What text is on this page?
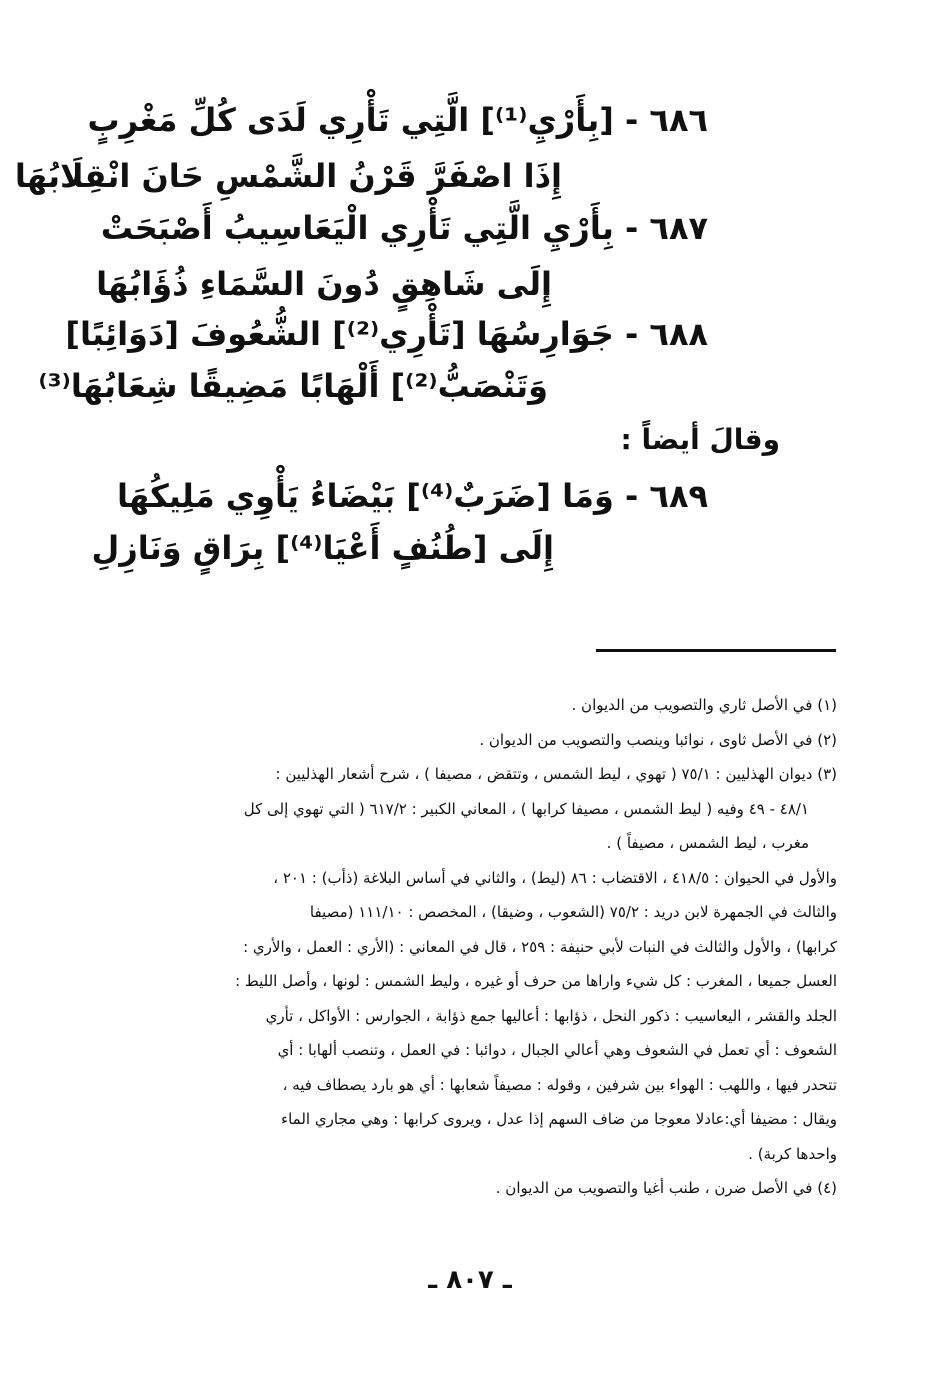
٦٨٦ - [بِأَرْيِ⁽¹⁾] الَّتِي تَأْرِي لَدَى كُلِّ مَغْرِبٍ
إِذَا اصْفَرَّ قَرْنُ الشَّمْسِ حَانَ انْقِلَابُهَا
٦٨٧ - بِأَرْيِ الَّتِي تَأْرِي الْيَعَاسِيبُ أَصْبَحَتْ
إِلَى شَاهِقٍ دُونَ السَّمَاءِ ذُؤَابُهَا
٦٨٨ - جَوَارِسُهَا [تَأْرِي⁽²⁾] الشُّعُوفَ [دَوَائِبًا]
وَتَنْصَبُّ⁽²⁾] أَلْهَابًا مَضِيقًا شِعَابُهَا⁽³⁾
وقالَ أيضاً :
٦٨٩ - وَمَا [ضَرَبٌ⁽⁴⁾] بَيْضَاءُ يَأْوِي مَلِيكُهَا
إِلَى [طُنُفٍ أَعْيَا⁽⁴⁾] بِرَاقٍ وَنَازِلِ
(١) في الأصل ثاري والتصويب من الديوان .
(٢) في الأصل ثاوى ، نوائبا وينصب والتصويب من الديوان .
(٣) ديوان الهذليين : ٧٥/١ ( تهوي ، ليط الشمس ، وتتقض ، مصيفا ) ، شرح أشعار الهذليين :
٤٨/١ - ٤٩ وفيه ( ليط الشمس ، مصيفا كرابها ) ، المعاني الكبير : ٦١٧/٢ ( التي تهوي إلى كل
مغرب ، ليط الشمس ، مصيفاً ) .
والأول في الحيوان : ٤١٨/٥ ، الاقتضاب : ٨٦ (ليط) ، والثاني في أساس البلاغة (ذأب) : ٢٠١ ،
والثالث في الجمهرة لابن دريد : ٧٥/٢ (الشعوب ، وضيقا) ، المخصص : ١١١/١٠ (مصيفا
كرابها) ، والأول والثالث في النبات لأبي حنيفة : ٢٥٩ ، قال في المعاني : (الأري : العمل ، والأري :
العسل جميعا ، المغرب : كل شيء واراها من حرف أو غيره ، وليط الشمس : لونها ، وأصل الليط :
الجلد والقشر ، اليعاسيب : ذكور النحل ، ذؤابها : أعاليها جمع ذؤابة ، الجوارس : الأواكل ، تأري
الشعوف : أي تعمل في الشعوف وهي أعالي الجبال ، دوائبا : في العمل ، وتنصب ألهابا : أي
تتحدر فيها ، واللهب : الهواء بين شرفين ، وقوله : مصيفاً شعابها : أي هو بارد يصطاف فيه ،
ويقال : مضيفا أي:عادلا معوجا من ضاف السهم إذا عدل ، ويروى كرابها : وهي مجاري الماء
واحدها كربة) .
(٤) في الأصل ضرن ، طنب أغيا والتصويب من الديوان .
ـ ٨٠٧ ـ
